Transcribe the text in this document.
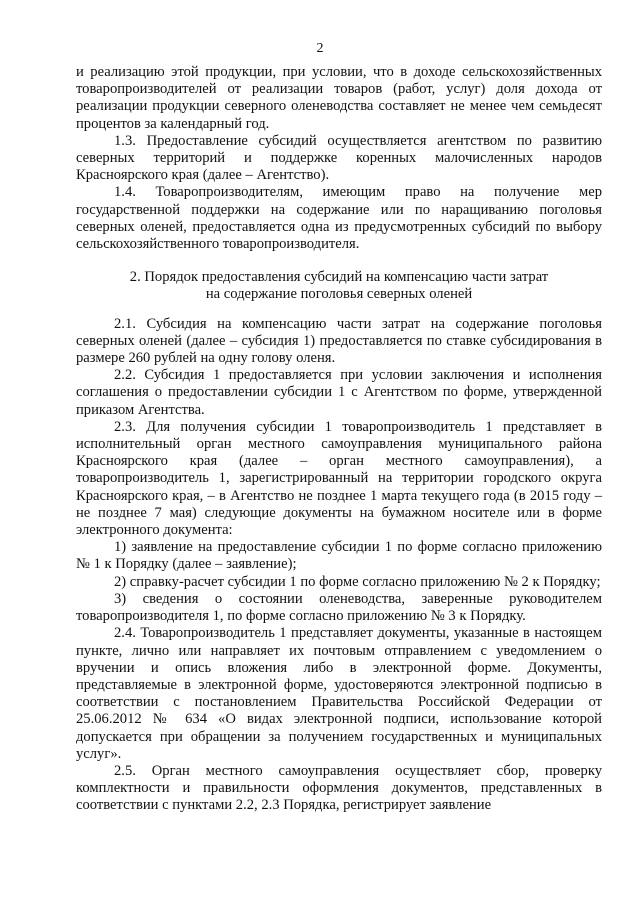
2

и реализацию этой продукции, при условии, что в доходе сельскохозяйственных товаропроизводителей от реализации товаров (работ, услуг) доля дохода от реализации продукции северного оленеводства составляет не менее чем семьдесят процентов за календарный год.

1.3. Предоставление субсидий осуществляется агентством по развитию северных территорий и поддержке коренных малочисленных народов Красноярского края (далее – Агентство).

1.4. Товаропроизводителям, имеющим право на получение мер государственной поддержки на содержание или по наращиванию поголовья северных оленей, предоставляется одна из предусмотренных субсидий по выбору сельскохозяйственного товаропроизводителя.

2. Порядок предоставления субсидий на компенсацию части затрат
на содержание поголовья северных оленей

2.1. Субсидия на компенсацию части затрат на содержание поголовья северных оленей (далее – субсидия 1) предоставляется по ставке субсидирования в размере 260 рублей на одну голову оленя.

2.2. Субсидия 1 предоставляется при условии заключения и исполнения соглашения о предоставлении субсидии 1 с Агентством по форме, утвержденной приказом Агентства.

2.3. Для получения субсидии 1 товаропроизводитель 1 представляет в исполнительный орган местного самоуправления муниципального района Красноярского края (далее – орган местного самоуправления), а товаропроизводитель 1, зарегистрированный на территории городского округа Красноярского края, – в Агентство не позднее 1 марта текущего года (в 2015 году – не позднее 7 мая) следующие документы на бумажном носителе или в форме электронного документа:

1) заявление на предоставление субсидии 1 по форме согласно приложению № 1 к Порядку (далее – заявление);

2) справку-расчет субсидии 1 по форме согласно приложению № 2 к Порядку;

3) сведения о состоянии оленеводства, заверенные руководителем товаропроизводителя 1, по форме согласно приложению № 3 к Порядку.

2.4. Товаропроизводитель 1 представляет документы, указанные в настоящем пункте, лично или направляет их почтовым отправлением с уведомлением о вручении и опись вложения либо в электронной форме. Документы, представляемые в электронной форме, удостоверяются электронной подписью в соответствии с постановлением Правительства Российской Федерации от 25.06.2012 № 634 «О видах электронной подписи, использование которой допускается при обращении за получением государственных и муниципальных услуг».

2.5. Орган местного самоуправления осуществляет сбор, проверку комплектности и правильности оформления документов, представленных в соответствии с пунктами 2.2, 2.3 Порядка, регистрирует заявление
